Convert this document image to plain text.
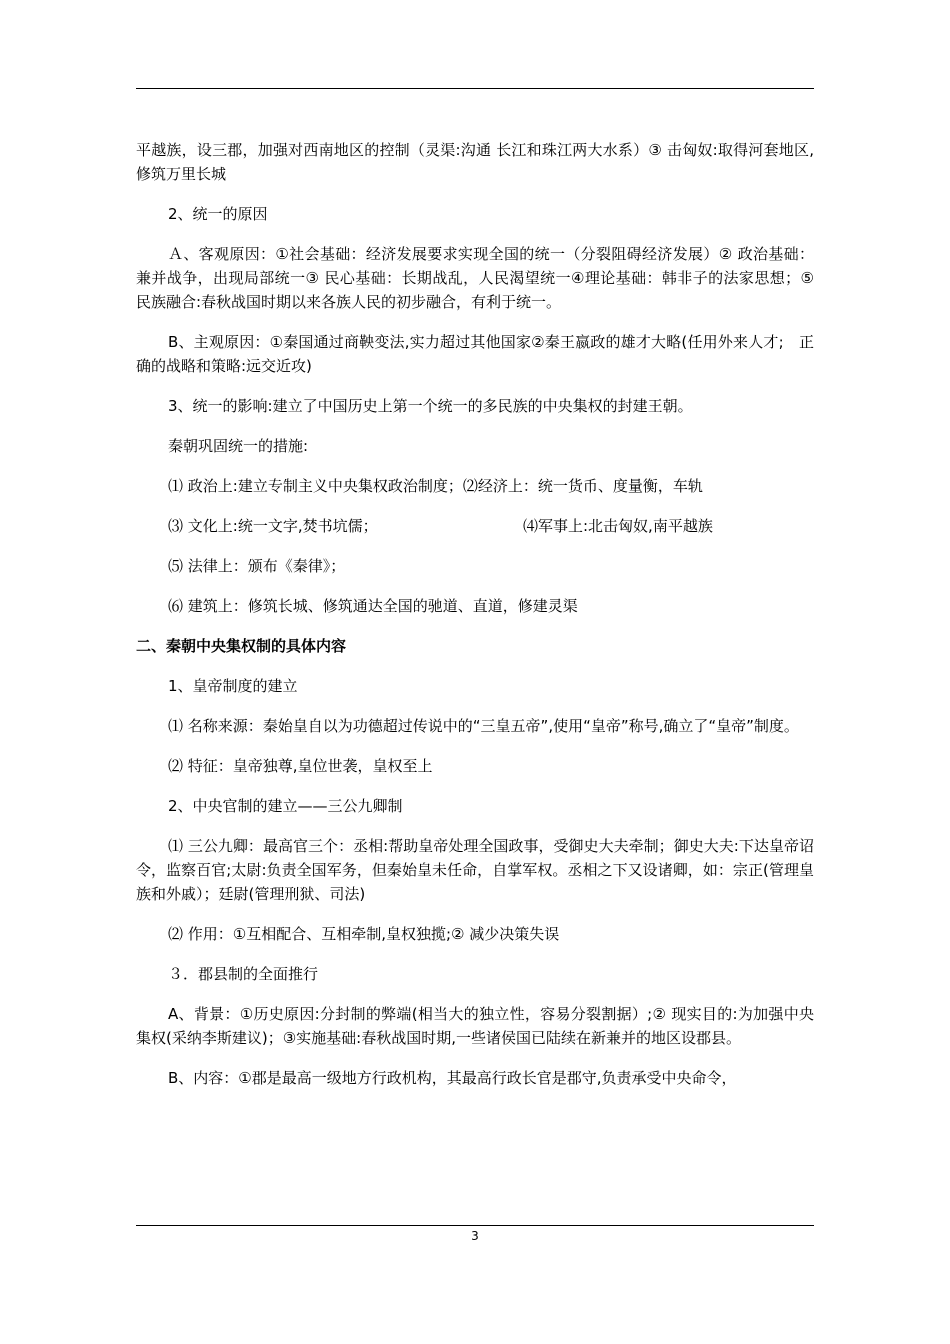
平越族，设三郡，加强对西南地区的控制（灵渠:沟通 长江和珠江两大水系）③ 击匈奴:取得河套地区,修筑万里长城

2、统一的原因

Ａ、客观原因：①社会基础：经济发展要求实现全国的统一（分裂阻碍经济发展）② 政治基础：兼并战争，出现局部统一③ 民心基础：长期战乱，人民渴望统一④理论基础：韩非子的法家思想；⑤ 民族融合:春秋战国时期以来各族人民的初步融合，有利于统一。

B、主观原因：①秦国通过商鞅变法,实力超过其他国家②秦王嬴政的雄才大略(任用外来人才;　正确的战略和策略:远交近攻)

3、统一的影响:建立了中国历史上第一个统一的多民族的中央集权的封建王朝。

秦朝巩固统一的措施:

⑴ 政治上:建立专制主义中央集权政治制度；⑵经济上：统一货币、度量衡，车轨

⑶ 文化上:统一文字,焚书坑儒；	⑷军事上:北击匈奴,南平越族

⑸ 法律上：颁布《秦律》；

⑹ 建筑上：修筑长城、修筑通达全国的驰道、直道，修建灵渠

二、秦朝中央集权制的具体内容

1、皇帝制度的建立

⑴ 名称来源：秦始皇自以为功德超过传说中的“三皇五帝”,使用“皇帝”称号,确立了“皇帝”制度。

⑵ 特征：皇帝独尊,皇位世袭，皇权至上

2、中央官制的建立——三公九卿制

⑴ 三公九卿：最高官三个：丞相:帮助皇帝处理全国政事，受御史大夫牵制；御史大夫:下达皇帝诏令，监察百官;太尉:负责全国军务，但秦始皇未任命，自掌军权。丞相之下又设诸卿，如：宗正(管理皇族和外戚）；廷尉(管理刑狱、司法)

⑵ 作用：①互相配合、互相牵制,皇权独揽;② 减少决策失误

３．郡县制的全面推行

A、背景：①历史原因:分封制的弊端(相当大的独立性，容易分裂割据）;② 现实目的:为加强中央集权(采纳李斯建议)；③实施基础:春秋战国时期,一些诸侯国已陆续在新兼并的地区设郡县。

B、内容：①郡是最高一级地方行政机构，其最高行政长官是郡守,负责承受中央命令，

3
